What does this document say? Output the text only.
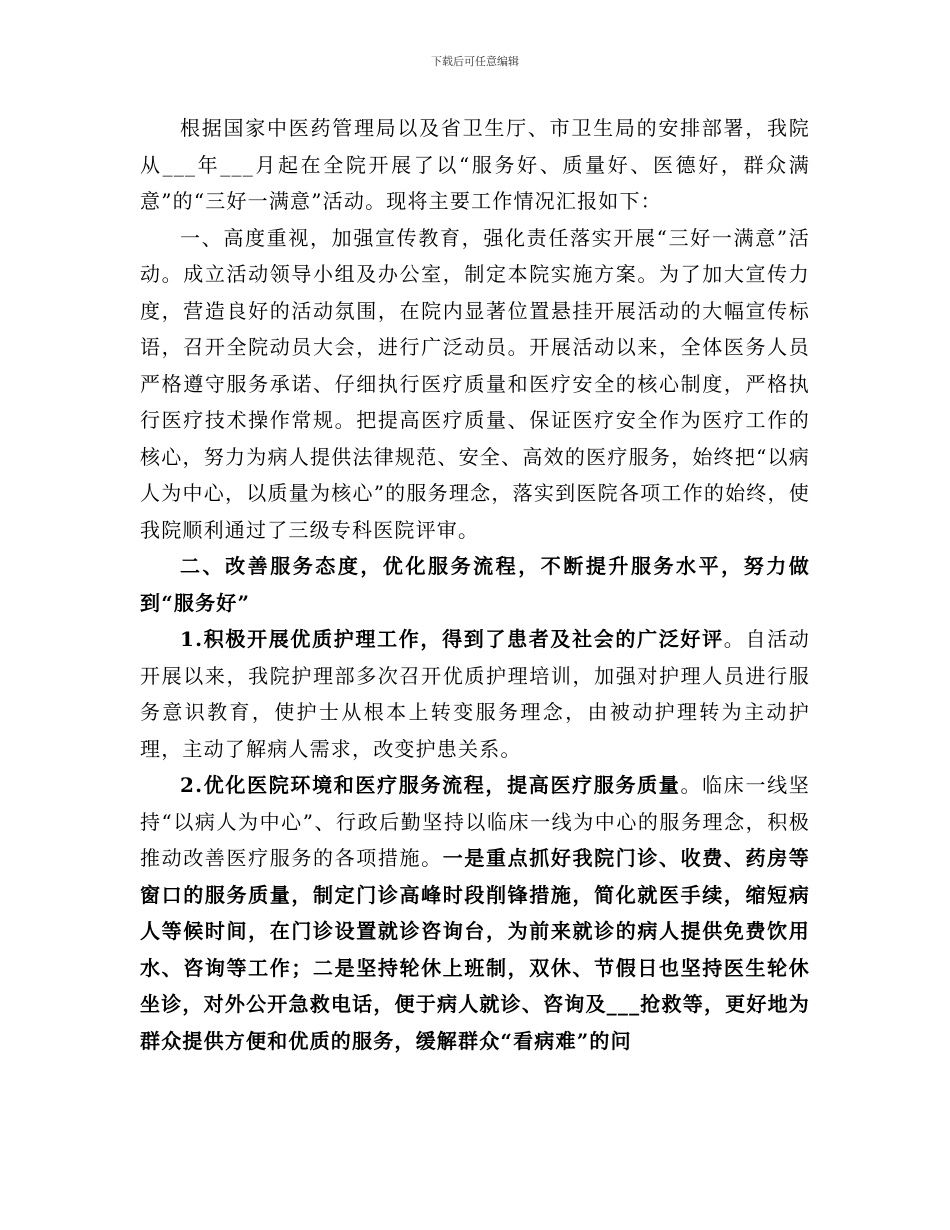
下载后可任意编辑

根据国家中医药管理局以及省卫生厅、市卫生局的安排部署，我院从___年___月起在全院开展了以“服务好、质量好、医德好，群众满意”的“三好一满意”活动。现将主要工作情况汇报如下：

一、高度重视，加强宣传教育，强化责任落实开展“三好一满意”活动。成立活动领导小组及办公室，制定本院实施方案。为了加大宣传力度，营造良好的活动氛围，在院内显著位置悬挂开展活动的大幅宣传标语，召开全院动员大会，进行广泛动员。开展活动以来，全体医务人员严格遵守服务承诺、仔细执行医疗质量和医疗安全的核心制度，严格执行医疗技术操作常规。把提高医疗质量、保证医疗安全作为医疗工作的核心，努力为病人提供法律规范、安全、高效的医疗服务，始终把“以病人为中心，以质量为核心”的服务理念，落实到医院各项工作的始终，使我院顺利通过了三级专科医院评审。

二、改善服务态度，优化服务流程，不断提升服务水平，努力做到“服务好”

1.积极开展优质护理工作，得到了患者及社会的广泛好评。自活动开展以来，我院护理部多次召开优质护理培训，加强对护理人员进行服务意识教育，使护士从根本上转变服务理念，由被动护理转为主动护理，主动了解病人需求，改变护患关系。

2.优化医院环境和医疗服务流程，提高医疗服务质量。临床一线坚持“以病人为中心”、行政后勤坚持以临床一线为中心的服务理念，积极推动改善医疗服务的各项措施。一是重点抓好我院门诊、收费、药房等窗口的服务质量，制定门诊高峰时段削锋措施，简化就医手续，缩短病人等候时间，在门诊设置就诊咨询台，为前来就诊的病人提供免费饮用水、咨询等工作；二是坚持轮休上班制，双休、节假日也坚持医生轮休坐诊，对外公开急救电话，便于病人就诊、咨询及___抢救等，更好地为群众提供方便和优质的服务，缓解群众“看病难”的问
